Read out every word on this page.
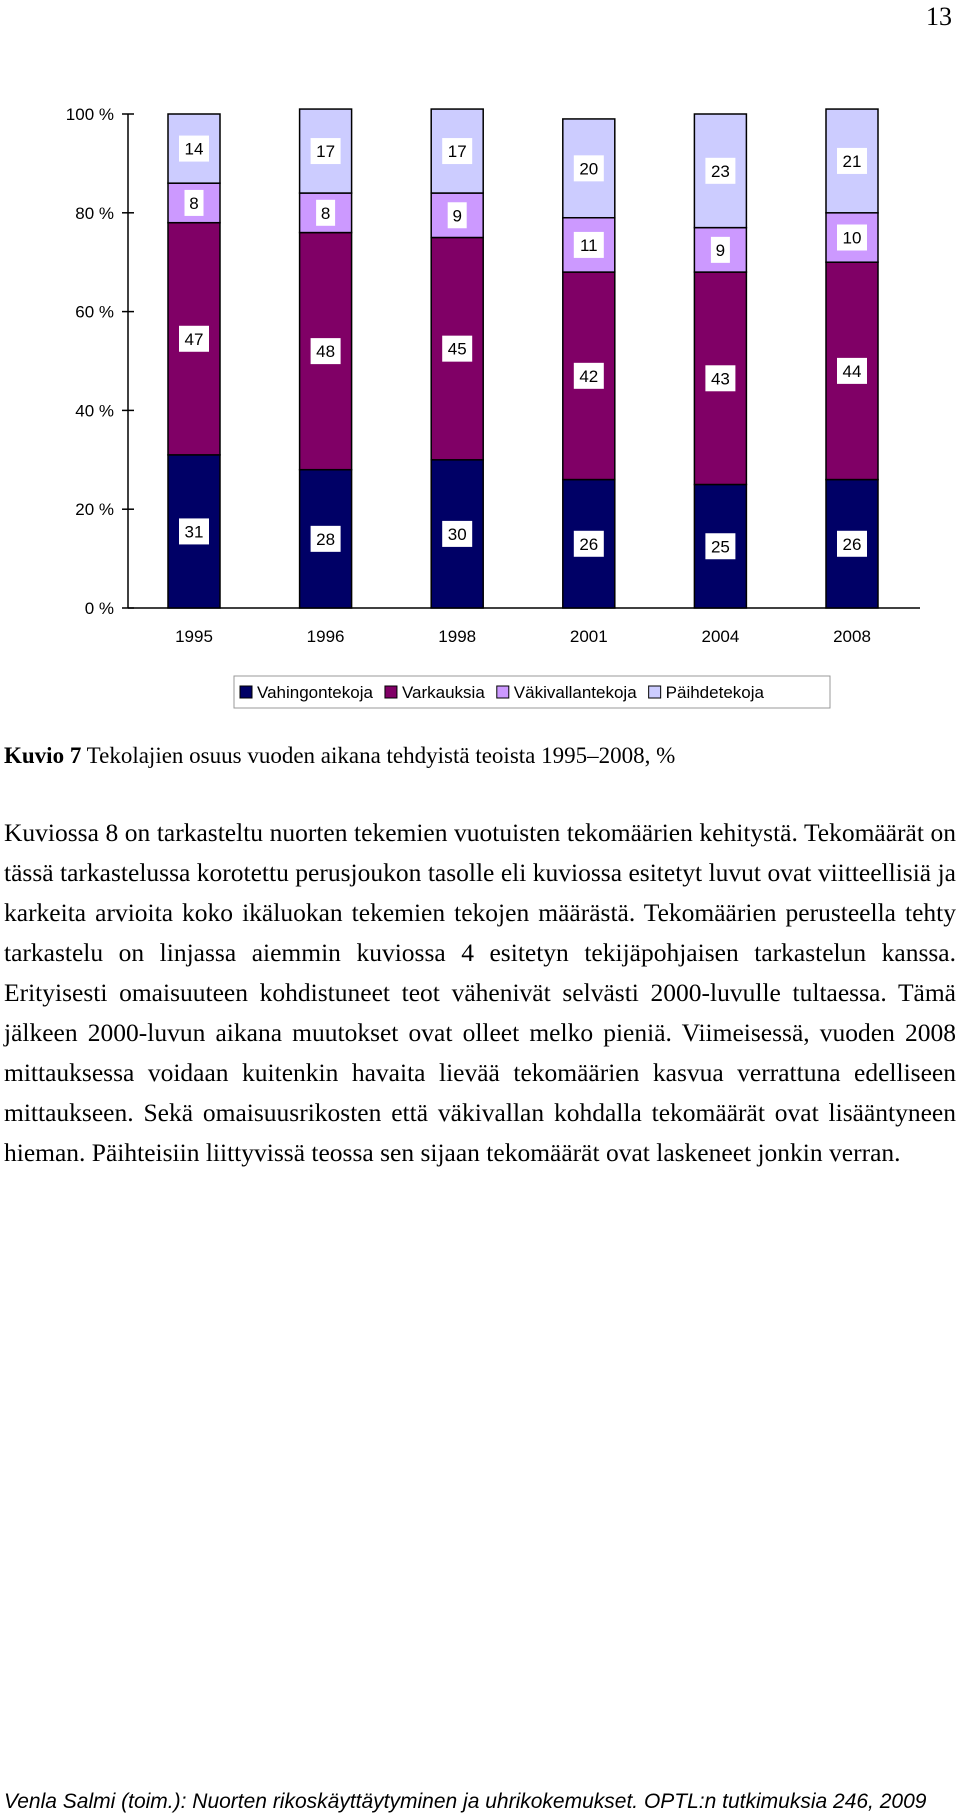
13
0 %
20 %
40 %
60 %
80 %
100 %
31
47
8
14
28
48
8
17
30
45
9
17
26
42
11
20
25
43
9
23
26
44
10
21
1995	1996	1998	2001	2004	2008
Vahingontekoja Varkauksia Väkivallantekoja Päihdetekoja
Kuvio 7 Tekolajien osuus vuoden aikana tehdyistä teoista 1995–2008, %

Kuviossa 8 on tarkasteltu nuorten tekemien vuotuisten tekomäärien kehitystä. Tekomäärät on tässä tarkastelussa korotettu perusjoukon tasolle eli kuviossa esitetyt luvut ovat viitteellisiä ja karkeita arvioita koko ikäluokan tekemien tekojen määrästä. Tekomäärien perusteella tehty tarkastelu on linjassa aiemmin kuviossa 4 esitetyn tekijäpohjaisen tarkastelun kanssa. Erityisesti omaisuuteen kohdistuneet teot vähenivät selvästi 2000-luvulle tultaessa. Tämä jälkeen 2000-luvun aikana muutokset ovat olleet melko pieniä. Viimeisessä, vuoden 2008 mittauksessa voidaan kuitenkin havaita lievää tekomäärien kasvua verrattuna edelliseen mittaukseen. Sekä omaisuusrikosten että väkivallan kohdalla tekomäärät ovat lisääntyneen hieman. Päihteisiin liittyvissä teossa sen sijaan tekomäärät ovat laskeneet jonkin verran.

Venla Salmi (toim.): Nuorten rikoskäyttäytyminen ja uhrikokemukset. OPTL:n tutkimuksia 246, 2009
